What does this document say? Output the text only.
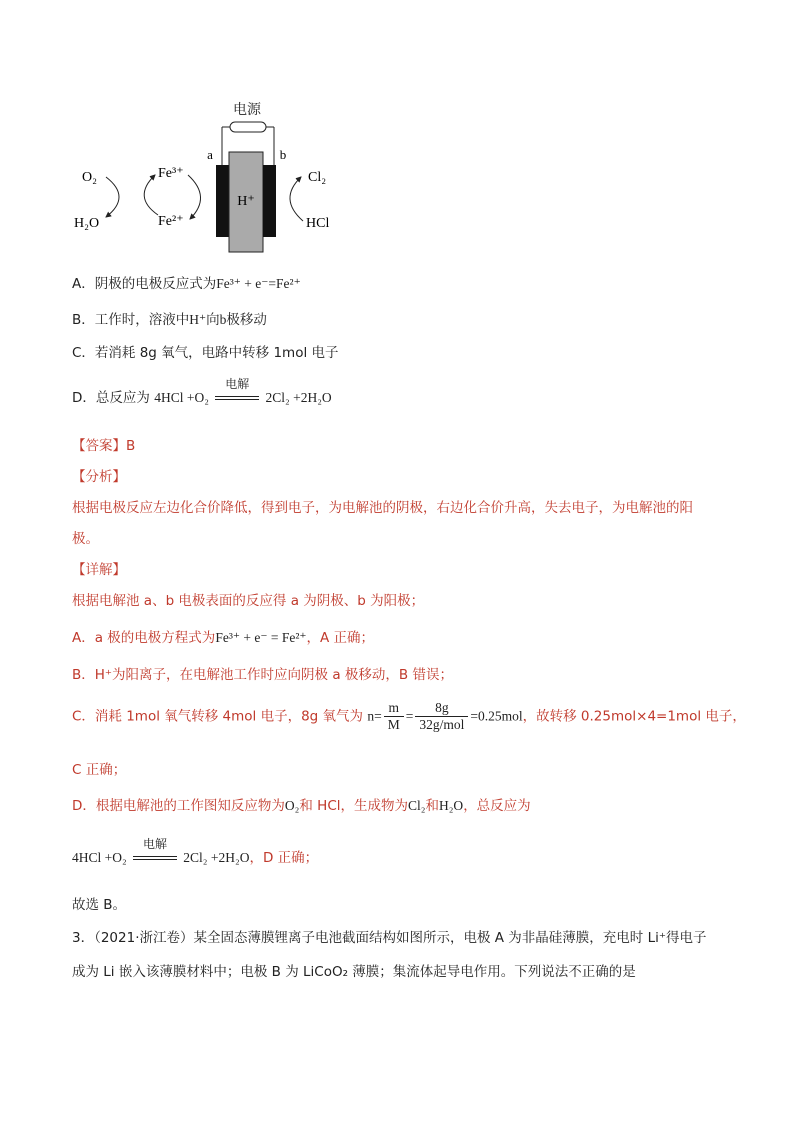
电源
a	b
H⁺
O₂
H₂O
Fe³⁺
Fe²⁺
Cl₂
HCl
A．阴极的电极反应式为Fe³⁺ + e⁻=Fe²⁺
B．工作时，溶液中H⁺向b极移动
C．若消耗 8g 氧气，电路中转移 1mol 电子
D．总反应为 4HCl +O₂
电解
2Cl₂ +2H₂O
【答案】B
【分析】
根据电极反应左边化合价降低，得到电子，为电解池的阴极，右边化合价升高，失去电子，为电解池的阳
极。
【详解】
根据电解池 a、b 电极表面的反应得 a 为阴极、b 为阳极；
A．a 极的电极方程式为Fe³⁺ + e⁻ = Fe²⁺，A 正确；
B．H⁺为阳离子，在电解池工作时应向阴极 a 极移动，B 错误；
C．消耗 1mol 氧气转移 4mol 电子，8g 氧气为 $n= \frac{m}{M} = \frac{8g}{\text{32g/mol}} =0.25mol$，故转移 0.25mol×4=1mol 电子，
C 正确；
D．根据电解池的工作图知反应物为O₂和 HCl，生成物为Cl₂和H₂O，总反应为
4HCl +O₂
电解
2Cl₂ +2H₂O，D 正确；
故选 B。
3．（2021·浙江卷）某全固态薄膜锂离子电池截面结构如图所示，电极 A 为非晶硅薄膜，充电时 Li⁺得电子
成为 Li 嵌入该薄膜材料中；电极 B 为 LiCoO₂ 薄膜；集流体起导电作用。下列说法不正确的是
